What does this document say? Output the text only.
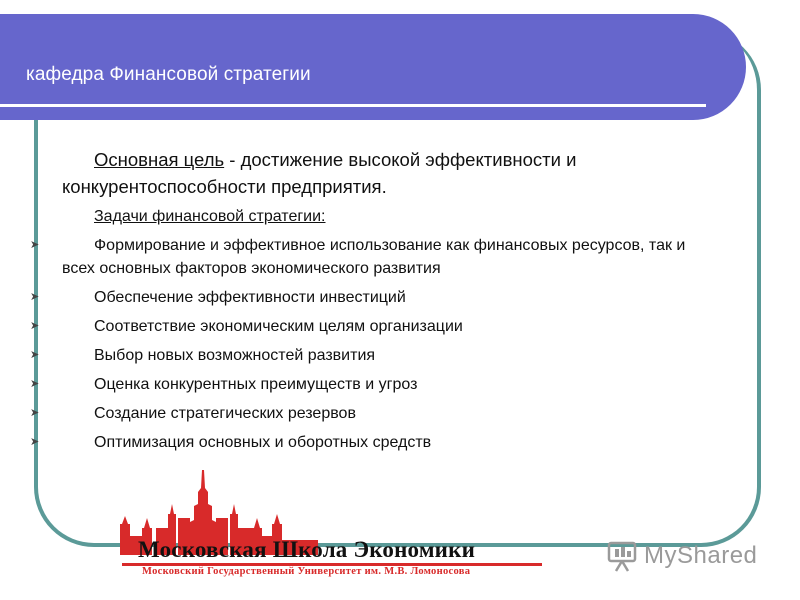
кафедра Финансовой стратегии

Основная цель - достижение высокой эффективности и конкурентоспособности предприятия.

Задачи финансовой стратегии:

➤	Формирование и эффективное использование как финансовых ресурсов, так и всех основных факторов экономического развития
➤	Обеспечение эффективности инвестиций
➤	Соответствие экономическим целям организации
➤	Выбор новых возможностей развития
➤	Оценка конкурентных преимуществ и угроз
➤	Создание стратегических резервов
➤	Оптимизация основных и оборотных средств
Московская Школа Экономики
Московский Государственный Университет им. М.В. Ломоносова
MyShared
